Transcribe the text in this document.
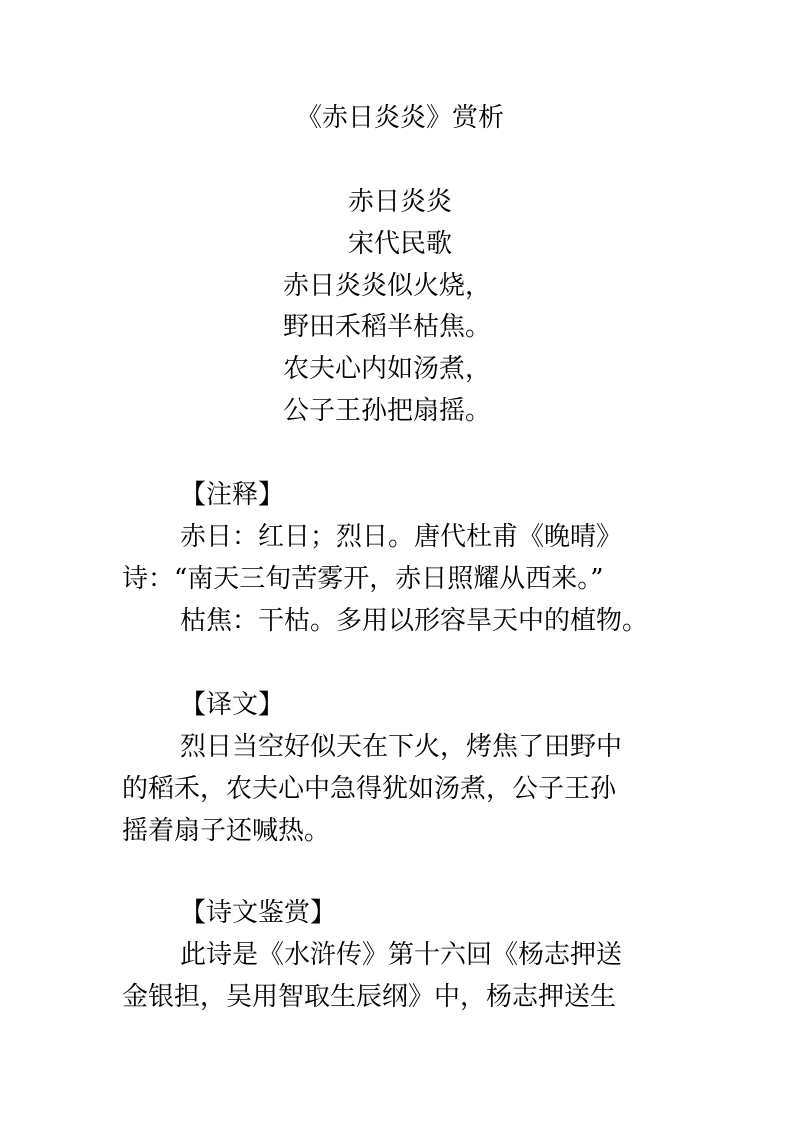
《赤日炎炎》赏析
赤日炎炎
宋代民歌
赤日炎炎似火烧，
野田禾稻半枯焦。
农夫心内如汤煮，
公子王孙把扇摇。
【注释】
赤日：红日；烈日。唐代杜甫《晚晴》
诗：“南天三旬苦雾开，赤日照耀从西来。”
枯焦：干枯。多用以形容旱天中的植物。
【译文】
烈日当空好似天在下火，烤焦了田野中
的稻禾，农夫心中急得犹如汤煮，公子王孙
摇着扇子还喊热。
【诗文鉴赏】
此诗是《水浒传》第十六回《杨志押送
金银担，吴用智取生辰纲》中，杨志押送生
